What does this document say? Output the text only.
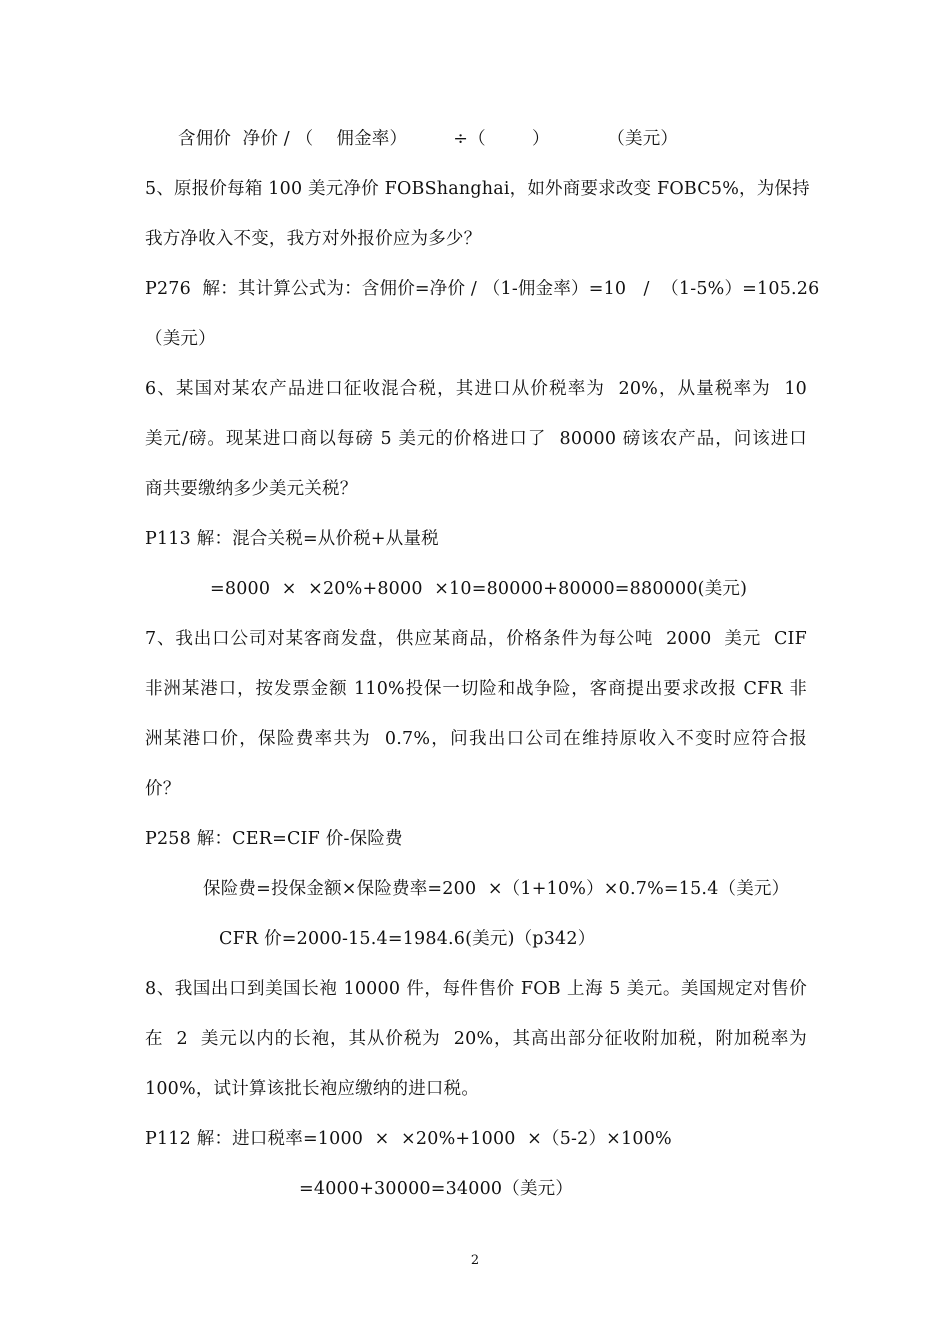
含佣价  净价 / （    佣金率）        ÷（        ）          （美元）
5、原报价每箱 100 美元净价 FOBShanghai，如外商要求改变 FOBC5%，为保持
我方净收入不变，我方对外报价应为多少？
P276  解：其计算公式为：含佣价=净价 / （1-佣金率）=10   /  （1-5%）=105.26
（美元）
6、某国对某农产品进口征收混合税，其进口从价税率为  20%，从量税率为  10
美元/磅。现某进口商以每磅 5 美元的价格进口了  80000 磅该农产品，问该进口
商共要缴纳多少美元关税？
P113 解：混合关税=从价税+从量税
=8000  ×  ×20%+8000  ×10=80000+80000=880000(美元)
7、我出口公司对某客商发盘，供应某商品，价格条件为每公吨  2000  美元  CIF
非洲某港口，按发票金额 110%投保一切险和战争险，客商提出要求改报 CFR 非
洲某港口价，保险费率共为  0.7%，问我出口公司在维持原收入不变时应符合报
价？
P258 解：CER=CIF 价-保险费
保险费=投保金额×保险费率=200  ×（1+10%）×0.7%=15.4（美元）
CFR 价=2000-15.4=1984.6(美元)（p342）
8、我国出口到美国长袍 10000 件，每件售价 FOB 上海 5 美元。美国规定对售价
在  2  美元以内的长袍，其从价税为  20%，其高出部分征收附加税，附加税率为
100%，试计算该批长袍应缴纳的进口税。
P112 解：进口税率=1000  ×  ×20%+1000  ×（5-2）×100%
=4000+30000=34000（美元）
2
